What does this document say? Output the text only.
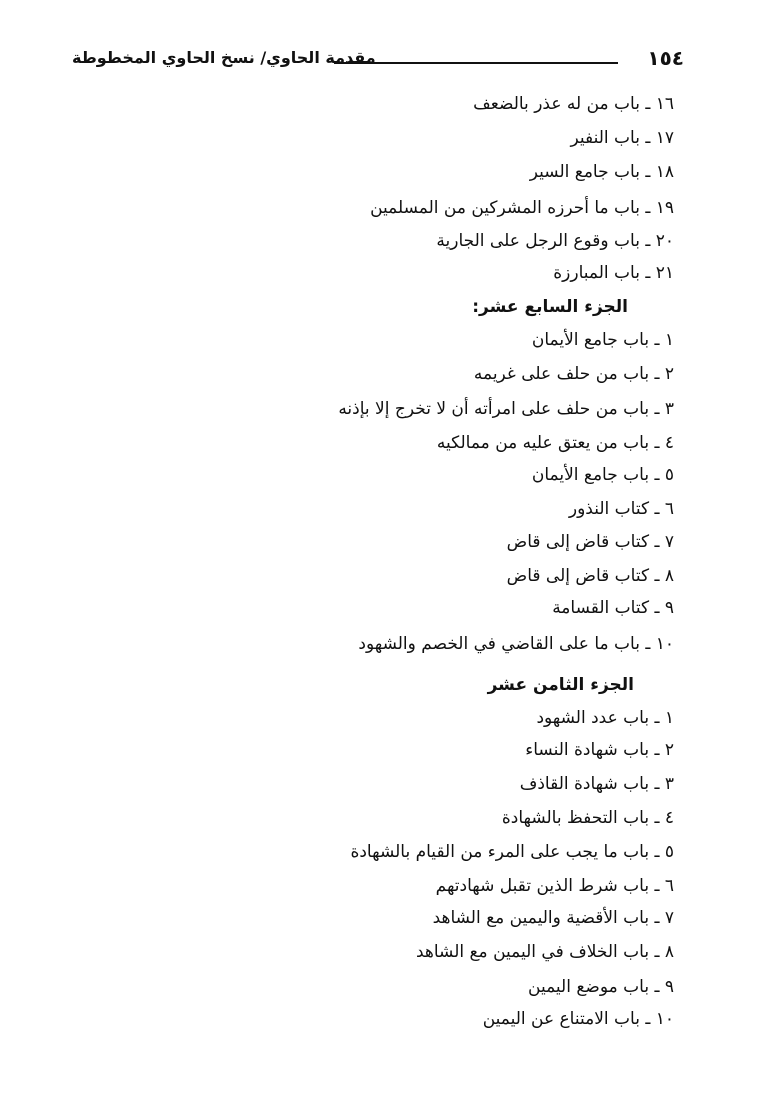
١٥٤
مقدمة الحاوي/ نسخ الحاوي المخطوطة
١٦ ـ باب من له عذر بالضعف
١٧ ـ باب النفير
١٨ ـ باب جامع السير
١٩ ـ باب ما أحرزه المشركين من المسلمين
٢٠ ـ باب وقوع الرجل على الجارية
٢١ ـ باب المبارزة
الجزء السابع عشر:
١ ـ باب جامع الأيمان
٢ ـ باب من حلف على غريمه
٣ ـ باب من حلف على امرأته أن لا تخرج إلا بإذنه
٤ ـ باب من يعتق عليه من ممالكيه
٥ ـ باب جامع الأيمان
٦ ـ كتاب النذور
٧ ـ كتاب قاض إلى قاض
٨ ـ كتاب قاض إلى قاض
٩ ـ كتاب القسامة
١٠ ـ باب ما على القاضي في الخصم والشهود
الجزء الثامن عشر
١ ـ باب عدد الشهود
٢ ـ باب شهادة النساء
٣ ـ باب شهادة القاذف
٤ ـ باب التحفظ بالشهادة
٥ ـ باب ما يجب على المرء من القيام بالشهادة
٦ ـ باب شرط الذين تقبل شهادتهم
٧ ـ باب الأقضية واليمين مع الشاهد
٨ ـ باب الخلاف في اليمين مع الشاهد
٩ ـ باب موضع اليمين
١٠ ـ باب الامتناع عن اليمين
